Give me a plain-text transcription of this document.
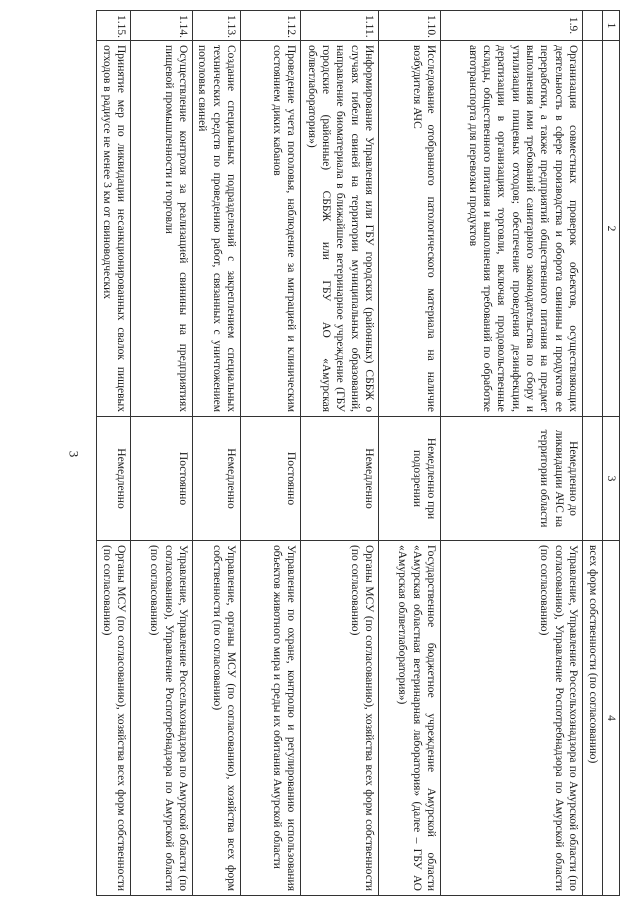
3
1	2	3	4
			всех форм собственности (по согласованию)
1.9.	Организация совместных проверок объектов, осуществляющих деятельность в сфере производства и оборота свинины и продуктов ее переработки, а также предприятий общественного питания на предмет выполнения ими требований санитарного законодательства по сбору и утилизации пищевых отходов; обеспечение проведения дезинфекции, дератизации в организациях торговли, включая продовольственные склады, общественного питания и выполнения требований по обработке автотранспорта для перевозки продуктов	Немедленно до ликвидации АЧС на территории области	Управление, Управление Россельхознадзора по Амурской области (по согласованию), Управление Роспотребнадзора по Амурской области (по согласованию)
1.10.	Исследование отобранного патологического материала на наличие возбудителя АЧС	Немедленно при подозрении	Государственное бюджетное учреждение Амурской области «Амурская областная ветеринарная лаборатория» (далее – ГБУ АО «Амурская облветлаборатория»)
1.11.	Информирование Управления или ГБУ городских (районных) СББЖ о случаях гибели свиней на территории муниципальных образований, направление биоматериала в ближайшее ветеринарное учреждение (ГБУ городские (районные) СББЖ или ГБУ АО «Амурская облветлаборатория»)	Немедленно	Органы МСУ (по согласованию), хозяйства всех форм собственности (по согласованию)
1.12.	Проведение учета поголовья, наблюдение за миграцией и клиническим состоянием диких кабанов	Постоянно	Управление по охране, контролю и регулированию использования объектов животного мира и среды их обитания Амурской области
1.13.	Создание специальных подразделений с закреплением специальных технических средств по проведению работ, связанных с уничтожением поголовья свиней	Немедленно	Управление, органы МСУ (по согласованию), хозяйства всех форм собственности (по согласованию)
1.14.	Осуществление контроля за реализацией свинины на предприятиях пищевой промышленности и торговли	Постоянно	Управление, Управление Россельхознадзора по Амурской области (по согласованию), Управление Роспотребнадзора по Амурской области (по согласованию)
1.15.	Принятие мер по ликвидации несанкционированных свалок пищевых отходов в радиусе не менее 3 км от свиноводческих	Немедленно	Органы МСУ (по согласованию), хозяйства всех форм собственности (по согласованию)
